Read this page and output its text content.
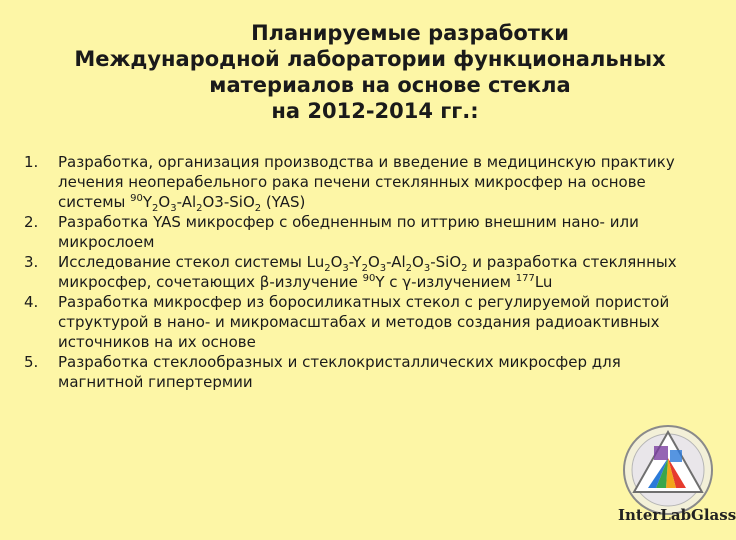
Планируемые разработки
Международной лаборатории функциональных
материалов на основе стекла
на 2012-2014 гг.:
1. Разработка, организация производства и введение в медицинскую практику
лечения неоперабельного рака печени стеклянных микросфер на основе
системы $^{90}Y_2O_3-Al_2O3-SiO_2$ (YAS)
2. Разработка YAS микросфер с обедненным по иттрию внешним нано- или
микрослоем
3. Исследование стекол системы $Lu_2O_3-Y_2O_3-Al_2O_3-SiO_2$ и разработка стеклянных
микросфер, сочетающих β-излучение $^{90}$Y с γ-излучением $^{177}$Lu
4. Разработка микросфер из боросиликатных стекол с регулируемой пористой
структурой в нано- и микромасштабах и методов создания радиоактивных
источников на их основе
5. Разработка стеклообразных и стеклокристаллических микросфер для
магнитной гипертермии
InterLabGlass
